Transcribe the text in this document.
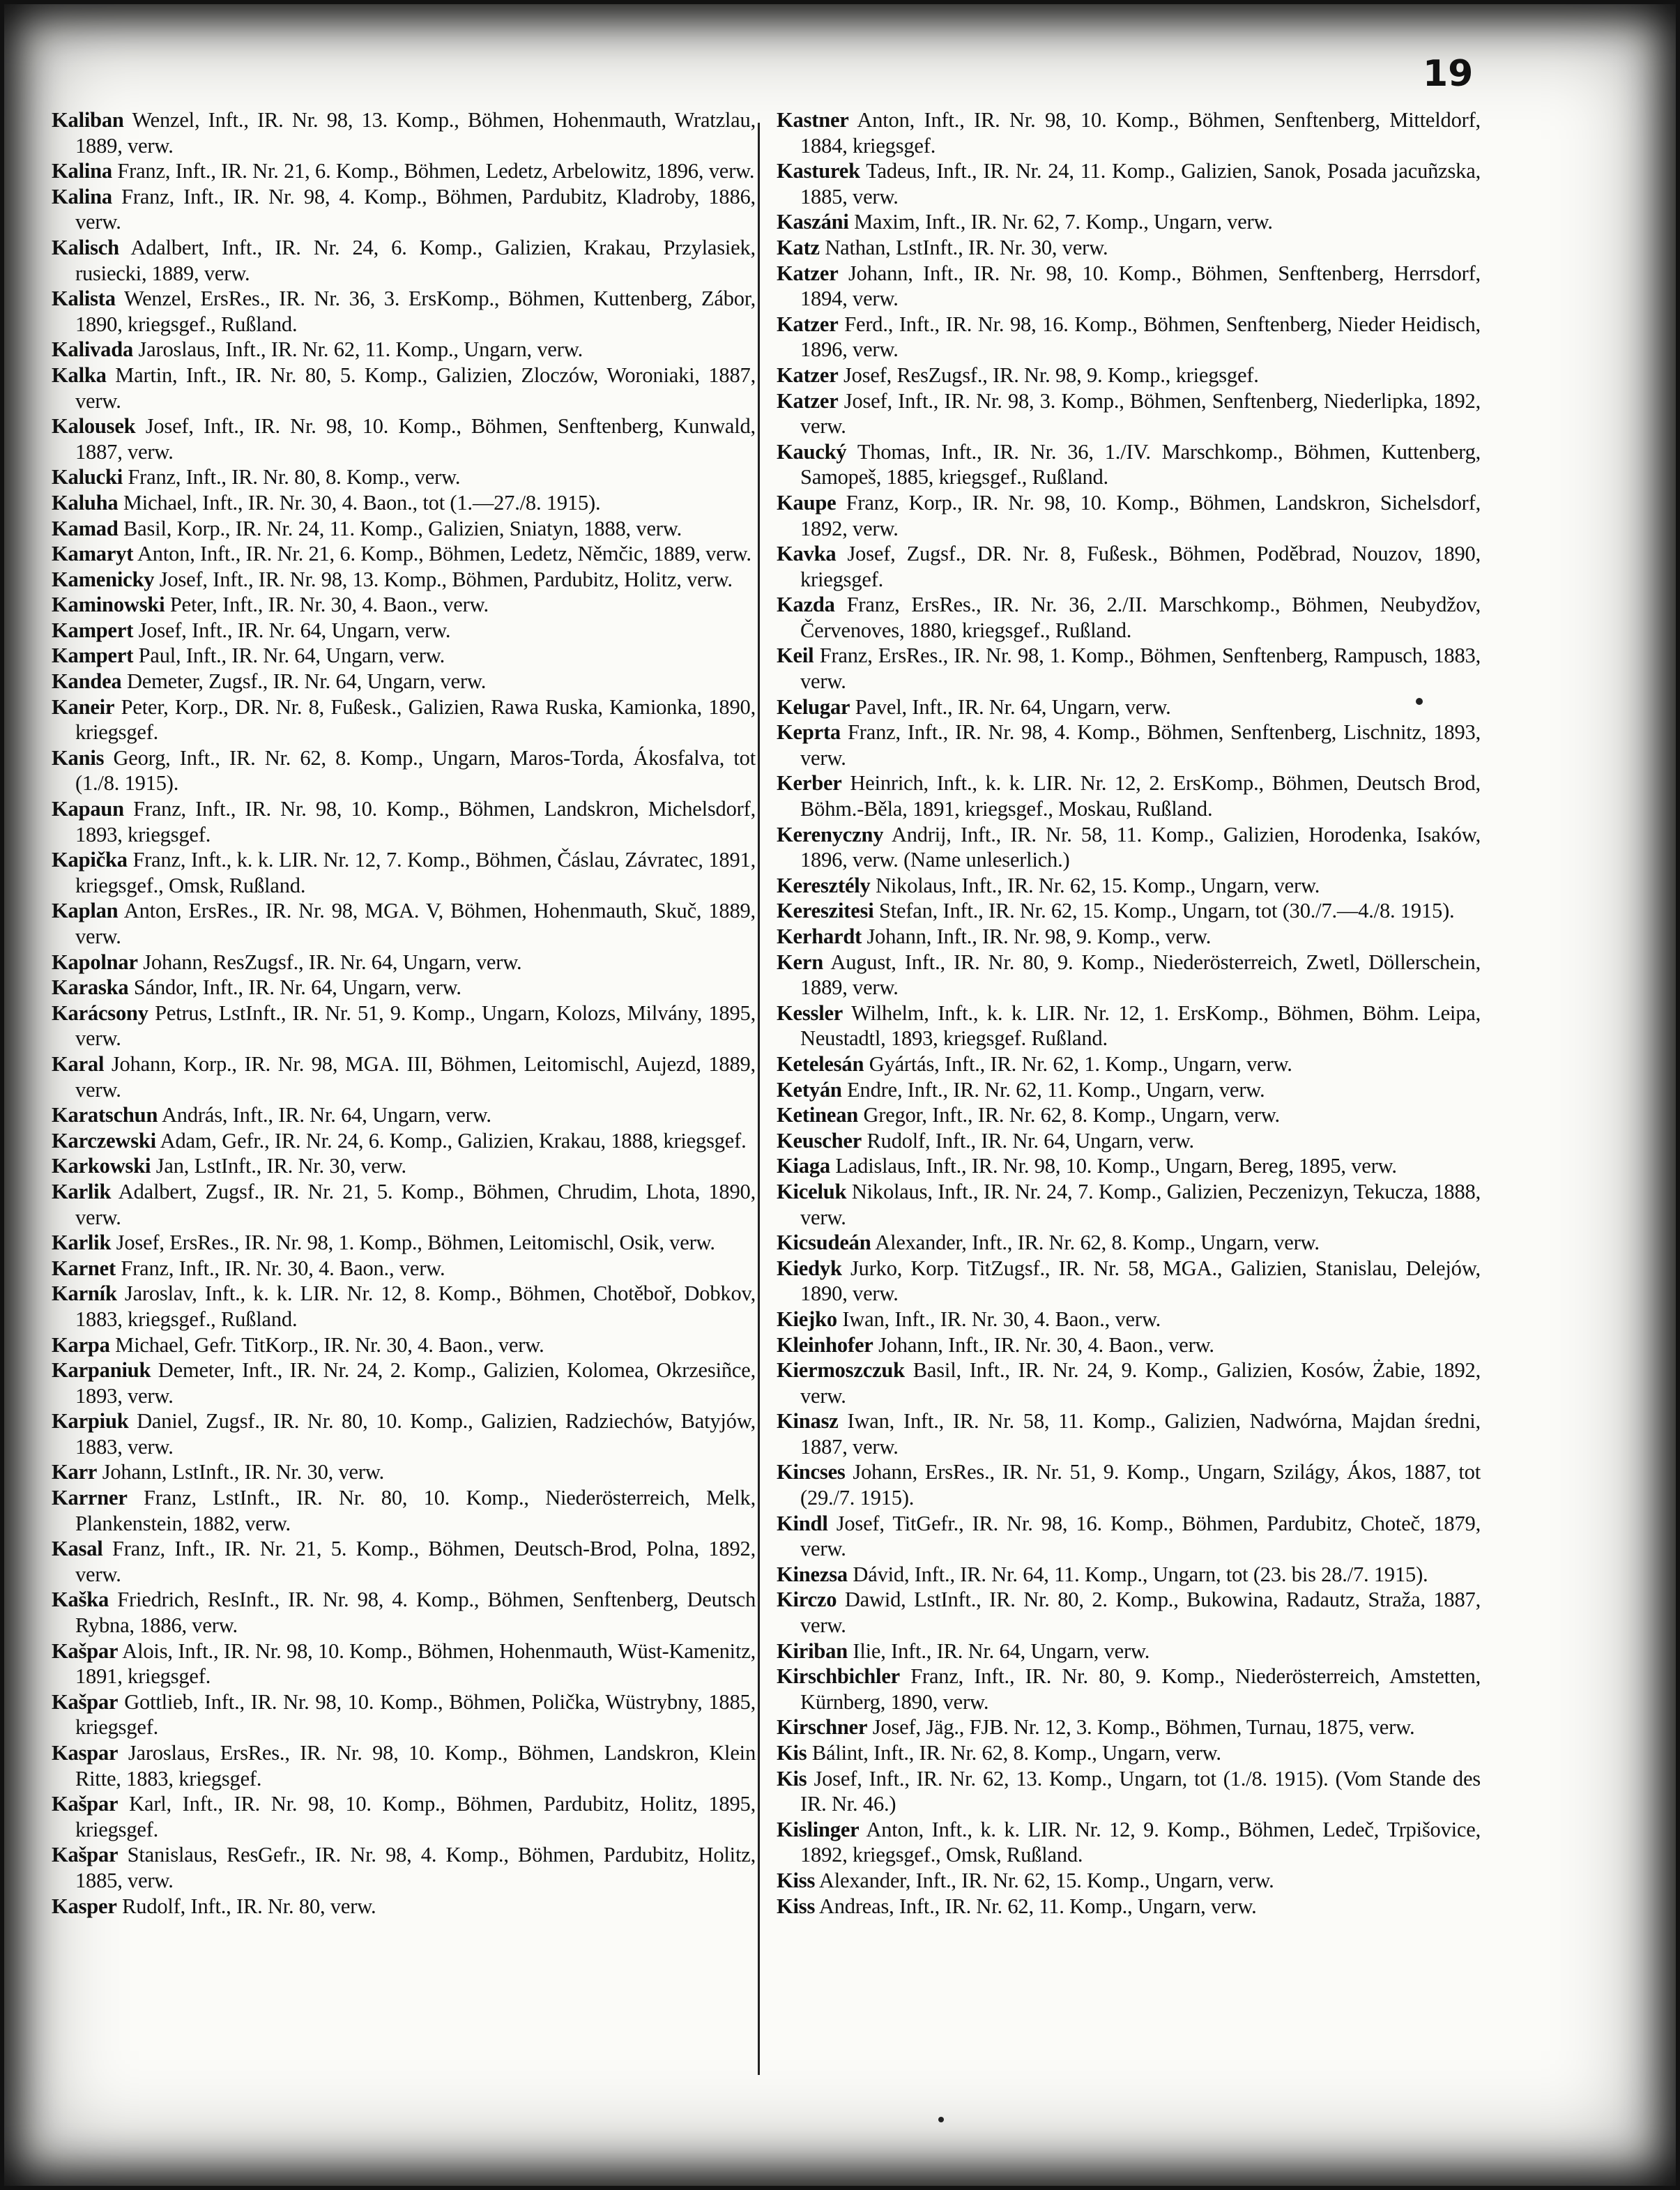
19

Kaliban Wenzel, Inft., IR. Nr. 98, 13. Komp., Böhmen, Hohenmauth, Wratzlau, 1889, verw.

Kalina Franz, Inft., IR. Nr. 21, 6. Komp., Böhmen, Ledetz, Arbelowitz, 1896, verw.

Kalina Franz, Inft., IR. Nr. 98, 4. Komp., Böhmen, Pardubitz, Kladroby, 1886, verw.

Kalisch Adalbert, Inft., IR. Nr. 24, 6. Komp., Galizien, Krakau, Przylasiek, rusiecki, 1889, verw.

Kalista Wenzel, ErsRes., IR. Nr. 36, 3. ErsKomp., Böhmen, Kuttenberg, Zábor, 1890, kriegsgef., Rußland.

Kalivada Jaroslaus, Inft., IR. Nr. 62, 11. Komp., Ungarn, verw.

Kalka Martin, Inft., IR. Nr. 80, 5. Komp., Galizien, Zloczów, Woroniaki, 1887, verw.

Kalousek Josef, Inft., IR. Nr. 98, 10. Komp., Böhmen, Senftenberg, Kunwald, 1887, verw.

Kalucki Franz, Inft., IR. Nr. 80, 8. Komp., verw.

Kaluha Michael, Inft., IR. Nr. 30, 4. Baon., tot (1.—27./8. 1915).

Kamad Basil, Korp., IR. Nr. 24, 11. Komp., Galizien, Sniatyn, 1888, verw.

Kamaryt Anton, Inft., IR. Nr. 21, 6. Komp., Böhmen, Ledetz, Němčic, 1889, verw.

Kamenicky Josef, Inft., IR. Nr. 98, 13. Komp., Böhmen, Pardubitz, Holitz, verw.

Kaminowski Peter, Inft., IR. Nr. 30, 4. Baon., verw.

Kampert Josef, Inft., IR. Nr. 64, Ungarn, verw.

Kampert Paul, Inft., IR. Nr. 64, Ungarn, verw.

Kandea Demeter, Zugsf., IR. Nr. 64, Ungarn, verw.

Kaneir Peter, Korp., DR. Nr. 8, Fußesk., Galizien, Rawa Ruska, Kamionka, 1890, kriegsgef.

Kanis Georg, Inft., IR. Nr. 62, 8. Komp., Ungarn, Maros-Torda, Ákosfalva, tot (1./8. 1915).

Kapaun Franz, Inft., IR. Nr. 98, 10. Komp., Böhmen, Landskron, Michelsdorf, 1893, kriegsgef.

Kapička Franz, Inft., k. k. LIR. Nr. 12, 7. Komp., Böhmen, Čáslau, Závratec, 1891, kriegsgef., Omsk, Rußland.

Kaplan Anton, ErsRes., IR. Nr. 98, MGA. V, Böhmen, Hohenmauth, Skuč, 1889, verw.

Kapolnar Johann, ResZugsf., IR. Nr. 64, Ungarn, verw.

Karaska Sándor, Inft., IR. Nr. 64, Ungarn, verw.

Karácsony Petrus, LstInft., IR. Nr. 51, 9. Komp., Ungarn, Kolozs, Milvány, 1895, verw.

Karal Johann, Korp., IR. Nr. 98, MGA. III, Böhmen, Leitomischl, Aujezd, 1889, verw.

Karatschun András, Inft., IR. Nr. 64, Ungarn, verw.

Karczewski Adam, Gefr., IR. Nr. 24, 6. Komp., Galizien, Krakau, 1888, kriegsgef.

Karkowski Jan, LstInft., IR. Nr. 30, verw.

Karlik Adalbert, Zugsf., IR. Nr. 21, 5. Komp., Böhmen, Chrudim, Lhota, 1890, verw.

Karlik Josef, ErsRes., IR. Nr. 98, 1. Komp., Böhmen, Leitomischl, Osik, verw.

Karnet Franz, Inft., IR. Nr. 30, 4. Baon., verw.

Karník Jaroslav, Inft., k. k. LIR. Nr. 12, 8. Komp., Böhmen, Chotěboř, Dobkov, 1883, kriegsgef., Rußland.

Karpa Michael, Gefr. TitKorp., IR. Nr. 30, 4. Baon., verw.

Karpaniuk Demeter, Inft., IR. Nr. 24, 2. Komp., Galizien, Kolomea, Okrzesiñce, 1893, verw.

Karpiuk Daniel, Zugsf., IR. Nr. 80, 10. Komp., Galizien, Radziechów, Batyjów, 1883, verw.

Karr Johann, LstInft., IR. Nr. 30, verw.

Karrner Franz, LstInft., IR. Nr. 80, 10. Komp., Niederösterreich, Melk, Plankenstein, 1882, verw.

Kasal Franz, Inft., IR. Nr. 21, 5. Komp., Böhmen, Deutsch-Brod, Polna, 1892, verw.

Kaška Friedrich, ResInft., IR. Nr. 98, 4. Komp., Böhmen, Senftenberg, Deutsch Rybna, 1886, verw.

Kašpar Alois, Inft., IR. Nr. 98, 10. Komp., Böhmen, Hohenmauth, Wüst-Kamenitz, 1891, kriegsgef.

Kašpar Gottlieb, Inft., IR. Nr. 98, 10. Komp., Böhmen, Polička, Wüstrybny, 1885, kriegsgef.

Kaspar Jaroslaus, ErsRes., IR. Nr. 98, 10. Komp., Böhmen, Landskron, Klein Ritte, 1883, kriegsgef.

Kašpar Karl, Inft., IR. Nr. 98, 10. Komp., Böhmen, Pardubitz, Holitz, 1895, kriegsgef.

Kašpar Stanislaus, ResGefr., IR. Nr. 98, 4. Komp., Böhmen, Pardubitz, Holitz, 1885, verw.

Kasper Rudolf, Inft., IR. Nr. 80, verw.

Kastner Anton, Inft., IR. Nr. 98, 10. Komp., Böhmen, Senftenberg, Mitteldorf, 1884, kriegsgef.

Kasturek Tadeus, Inft., IR. Nr. 24, 11. Komp., Galizien, Sanok, Posada jacuñzska, 1885, verw.

Kaszáni Maxim, Inft., IR. Nr. 62, 7. Komp., Ungarn, verw.

Katz Nathan, LstInft., IR. Nr. 30, verw.

Katzer Johann, Inft., IR. Nr. 98, 10. Komp., Böhmen, Senftenberg, Herrsdorf, 1894, verw.

Katzer Ferd., Inft., IR. Nr. 98, 16. Komp., Böhmen, Senftenberg, Nieder Heidisch, 1896, verw.

Katzer Josef, ResZugsf., IR. Nr. 98, 9. Komp., kriegsgef.

Katzer Josef, Inft., IR. Nr. 98, 3. Komp., Böhmen, Senftenberg, Niederlipka, 1892, verw.

Kaucký Thomas, Inft., IR. Nr. 36, 1./IV. Marschkomp., Böhmen, Kuttenberg, Samopeš, 1885, kriegsgef., Rußland.

Kaupe Franz, Korp., IR. Nr. 98, 10. Komp., Böhmen, Landskron, Sichelsdorf, 1892, verw.

Kavka Josef, Zugsf., DR. Nr. 8, Fußesk., Böhmen, Poděbrad, Nouzov, 1890, kriegsgef.

Kazda Franz, ErsRes., IR. Nr. 36, 2./II. Marschkomp., Böhmen, Neubydžov, Červenoves, 1880, kriegsgef., Rußland.

Keil Franz, ErsRes., IR. Nr. 98, 1. Komp., Böhmen, Senftenberg, Rampusch, 1883, verw.

Kelugar Pavel, Inft., IR. Nr. 64, Ungarn, verw.

Keprta Franz, Inft., IR. Nr. 98, 4. Komp., Böhmen, Senftenberg, Lischnitz, 1893, verw.

Kerber Heinrich, Inft., k. k. LIR. Nr. 12, 2. ErsKomp., Böhmen, Deutsch Brod, Böhm.-Běla, 1891, kriegsgef., Moskau, Rußland.

Kerenyczny Andrij, Inft., IR. Nr. 58, 11. Komp., Galizien, Horodenka, Isaków, 1896, verw. (Name unleserlich.)

Keresztély Nikolaus, Inft., IR. Nr. 62, 15. Komp., Ungarn, verw.

Kereszitesi Stefan, Inft., IR. Nr. 62, 15. Komp., Ungarn, tot (30./7.—4./8. 1915).

Kerhardt Johann, Inft., IR. Nr. 98, 9. Komp., verw.

Kern August, Inft., IR. Nr. 80, 9. Komp., Niederösterreich, Zwetl, Döllerschein, 1889, verw.

Kessler Wilhelm, Inft., k. k. LIR. Nr. 12, 1. ErsKomp., Böhmen, Böhm. Leipa, Neustadtl, 1893, kriegsgef. Rußland.

Ketelesán Gyártás, Inft., IR. Nr. 62, 1. Komp., Ungarn, verw.

Ketyán Endre, Inft., IR. Nr. 62, 11. Komp., Ungarn, verw.

Ketinean Gregor, Inft., IR. Nr. 62, 8. Komp., Ungarn, verw.

Keuscher Rudolf, Inft., IR. Nr. 64, Ungarn, verw.

Kiaga Ladislaus, Inft., IR. Nr. 98, 10. Komp., Ungarn, Bereg, 1895, verw.

Kiceluk Nikolaus, Inft., IR. Nr. 24, 7. Komp., Galizien, Peczenizyn, Tekucza, 1888, verw.

Kicsudeán Alexander, Inft., IR. Nr. 62, 8. Komp., Ungarn, verw.

Kiedyk Jurko, Korp. TitZugsf., IR. Nr. 58, MGA., Galizien, Stanislau, Delejów, 1890, verw.

Kiejko Iwan, Inft., IR. Nr. 30, 4. Baon., verw.

Kleinhofer Johann, Inft., IR. Nr. 30, 4. Baon., verw.

Kiermoszczuk Basil, Inft., IR. Nr. 24, 9. Komp., Galizien, Kosów, Żabie, 1892, verw.

Kinasz Iwan, Inft., IR. Nr. 58, 11. Komp., Galizien, Nadwórna, Majdan średni, 1887, verw.

Kincses Johann, ErsRes., IR. Nr. 51, 9. Komp., Ungarn, Szilágy, Ákos, 1887, tot (29./7. 1915).

Kindl Josef, TitGefr., IR. Nr. 98, 16. Komp., Böhmen, Pardubitz, Choteč, 1879, verw.

Kinezsa Dávid, Inft., IR. Nr. 64, 11. Komp., Ungarn, tot (23. bis 28./7. 1915).

Kirczo Dawid, LstInft., IR. Nr. 80, 2. Komp., Bukowina, Radautz, Straža, 1887, verw.

Kiriban Ilie, Inft., IR. Nr. 64, Ungarn, verw.

Kirschbichler Franz, Inft., IR. Nr. 80, 9. Komp., Niederösterreich, Amstetten, Kürnberg, 1890, verw.

Kirschner Josef, Jäg., FJB. Nr. 12, 3. Komp., Böhmen, Turnau, 1875, verw.

Kis Bálint, Inft., IR. Nr. 62, 8. Komp., Ungarn, verw.

Kis Josef, Inft., IR. Nr. 62, 13. Komp., Ungarn, tot (1./8. 1915). (Vom Stande des IR. Nr. 46.)

Kislinger Anton, Inft., k. k. LIR. Nr. 12, 9. Komp., Böhmen, Ledeč, Trpišovice, 1892, kriegsgef., Omsk, Rußland.

Kiss Alexander, Inft., IR. Nr. 62, 15. Komp., Ungarn, verw.

Kiss Andreas, Inft., IR. Nr. 62, 11. Komp., Ungarn, verw.
